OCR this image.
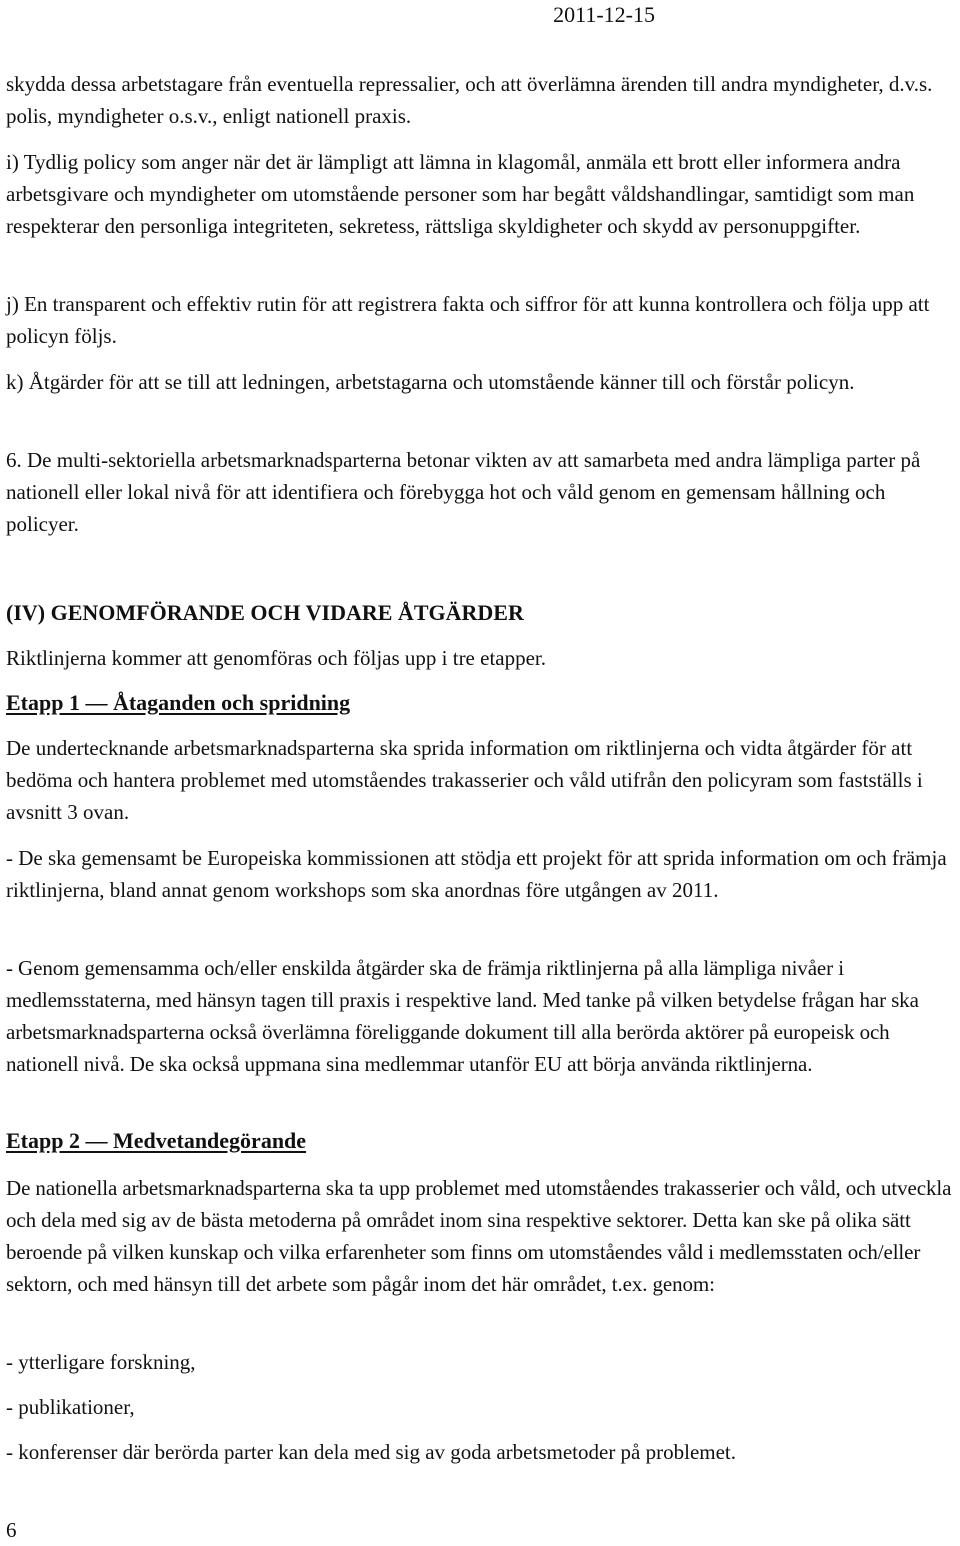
2011-12-15

skydda dessa arbetstagare från eventuella repressalier, och att överlämna ärenden till andra myndigheter, d.v.s. polis, myndigheter o.s.v., enligt nationell praxis.

i) Tydlig policy som anger när det är lämpligt att lämna in klagomål, anmäla ett brott eller informera andra arbetsgivare och myndigheter om utomstående personer som har begått våldshandlingar, samtidigt som man respekterar den personliga integriteten, sekretess, rättsliga skyldigheter och skydd av personuppgifter.

j) En transparent och effektiv rutin för att registrera fakta och siffror för att kunna kontrollera och följa upp att policyn följs.

k) Åtgärder för att se till att ledningen, arbetstagarna och utomstående känner till och förstår policyn.

6. De multi-sektoriella arbetsmarknadsparterna betonar vikten av att samarbeta med andra lämpliga parter på nationell eller lokal nivå för att identifiera och förebygga hot och våld genom en gemensam hållning och policyer.

(IV) GENOMFÖRANDE OCH VIDARE ÅTGÄRDER

Riktlinjerna kommer att genomföras och följas upp i tre etapper.

Etapp 1 — Åtaganden och spridning

De undertecknande arbetsmarknadsparterna ska sprida information om riktlinjerna och vidta åtgärder för att bedöma och hantera problemet med utomståendes trakasserier och våld utifrån den policyram som fastställs i avsnitt 3 ovan.

- De ska gemensamt be Europeiska kommissionen att stödja ett projekt för att sprida information om och främja riktlinjerna, bland annat genom workshops som ska anordnas före utgången av 2011.

- Genom gemensamma och/eller enskilda åtgärder ska de främja riktlinjerna på alla lämpliga nivåer i medlemsstaterna, med hänsyn tagen till praxis i respektive land. Med tanke på vilken betydelse frågan har ska arbetsmarknadsparterna också överlämna föreliggande dokument till alla berörda aktörer på europeisk och nationell nivå. De ska också uppmana sina medlemmar utanför EU att börja använda riktlinjerna.

Etapp 2 — Medvetandegörande

De nationella arbetsmarknadsparterna ska ta upp problemet med utomståendes trakasserier och våld, och utveckla och dela med sig av de bästa metoderna på området inom sina respektive sektorer. Detta kan ske på olika sätt beroende på vilken kunskap och vilka erfarenheter som finns om utomståendes våld i medlemsstaten och/eller sektorn, och med hänsyn till det arbete som pågår inom det här området, t.ex. genom:

- ytterligare forskning,

- publikationer,

- konferenser där berörda parter kan dela med sig av goda arbetsmetoder på problemet.

6
